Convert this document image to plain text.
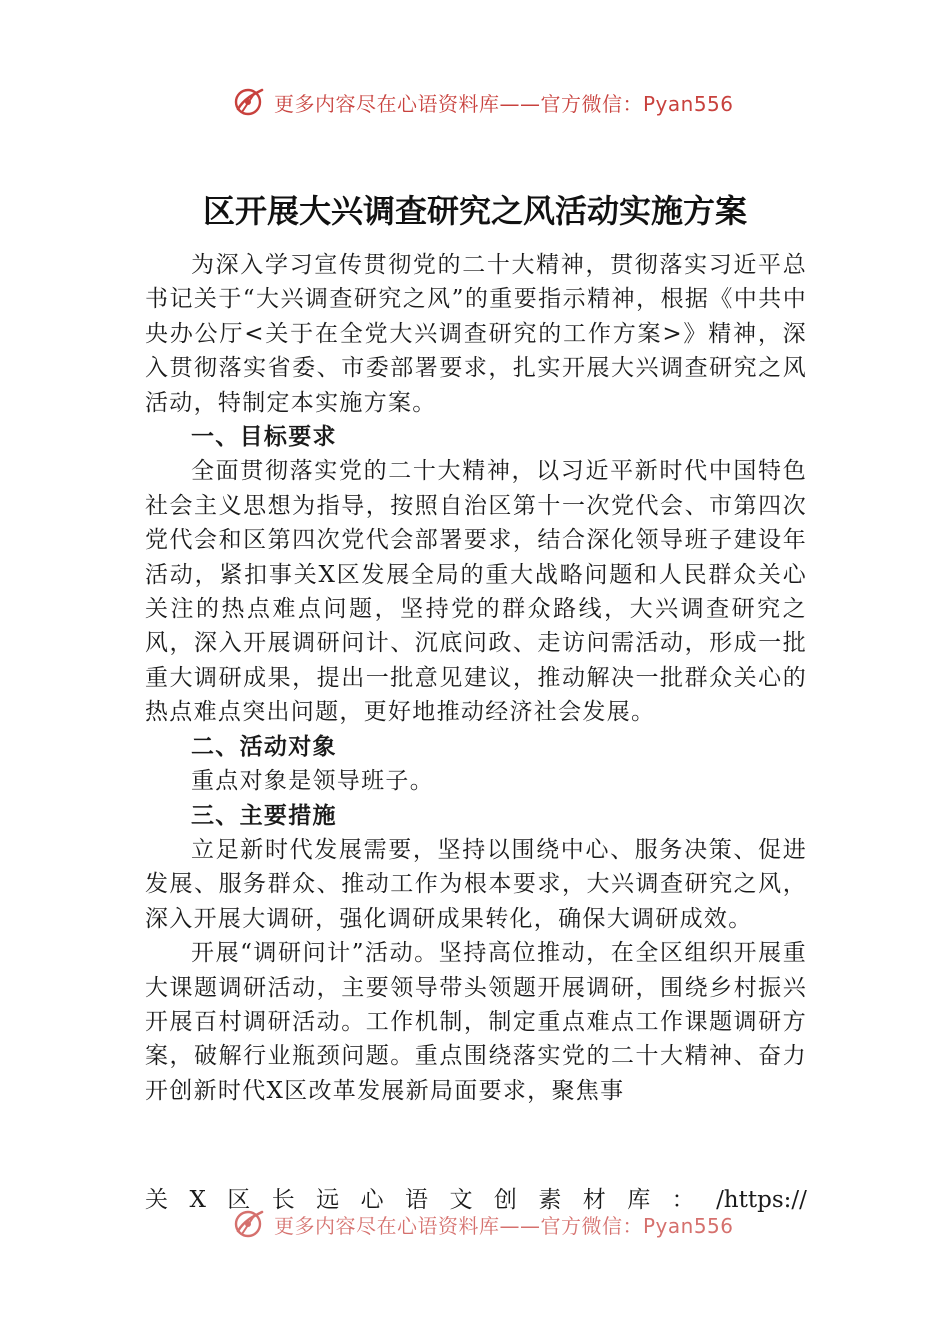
更多内容尽在心语资料库——官方微信：Pyan556
区开展大兴调查研究之风活动实施方案

为深入学习宣传贯彻党的二十大精神，贯彻落实习近平总书记关于“大兴调查研究之风”的重要指示精神，根据《中共中央办公厅<关于在全党大兴调查研究的工作方案>》精神，深入贯彻落实省委、市委部署要求，扎实开展大兴调查研究之风活动，特制定本实施方案。

一、目标要求

全面贯彻落实党的二十大精神，以习近平新时代中国特色社会主义思想为指导，按照自治区第十一次党代会、市第四次党代会和区第四次党代会部署要求，结合深化领导班子建设年活动，紧扣事关X区发展全局的重大战略问题和人民群众关心关注的热点难点问题，坚持党的群众路线，大兴调查研究之风，深入开展调研问计、沉底问政、走访问需活动，形成一批重大调研成果，提出一批意见建议，推动解决一批群众关心的热点难点突出问题，更好地推动经济社会发展。

二、活动对象

重点对象是领导班子。

三、主要措施

立足新时代发展需要，坚持以围绕中心、服务决策、促进发展、服务群众、推动工作为根本要求，大兴调查研究之风，深入开展大调研，强化调研成果转化，确保大调研成效。

开展“调研问计”活动。坚持高位推动，在全区组织开展重大课题调研活动，主要领导带头领题开展调研，围绕乡村振兴开展百村调研活动。工作机制，制定重点难点工作课题调研方案，破解行业瓶颈问题。重点围绕落实党的二十大精神、奋力开创新时代X区改革发展新局面要求，聚焦事

关 X 区 长 远 心 语 文 创 素 材 库 ： /https://
更多内容尽在心语资料库——官方微信：Pyan556
